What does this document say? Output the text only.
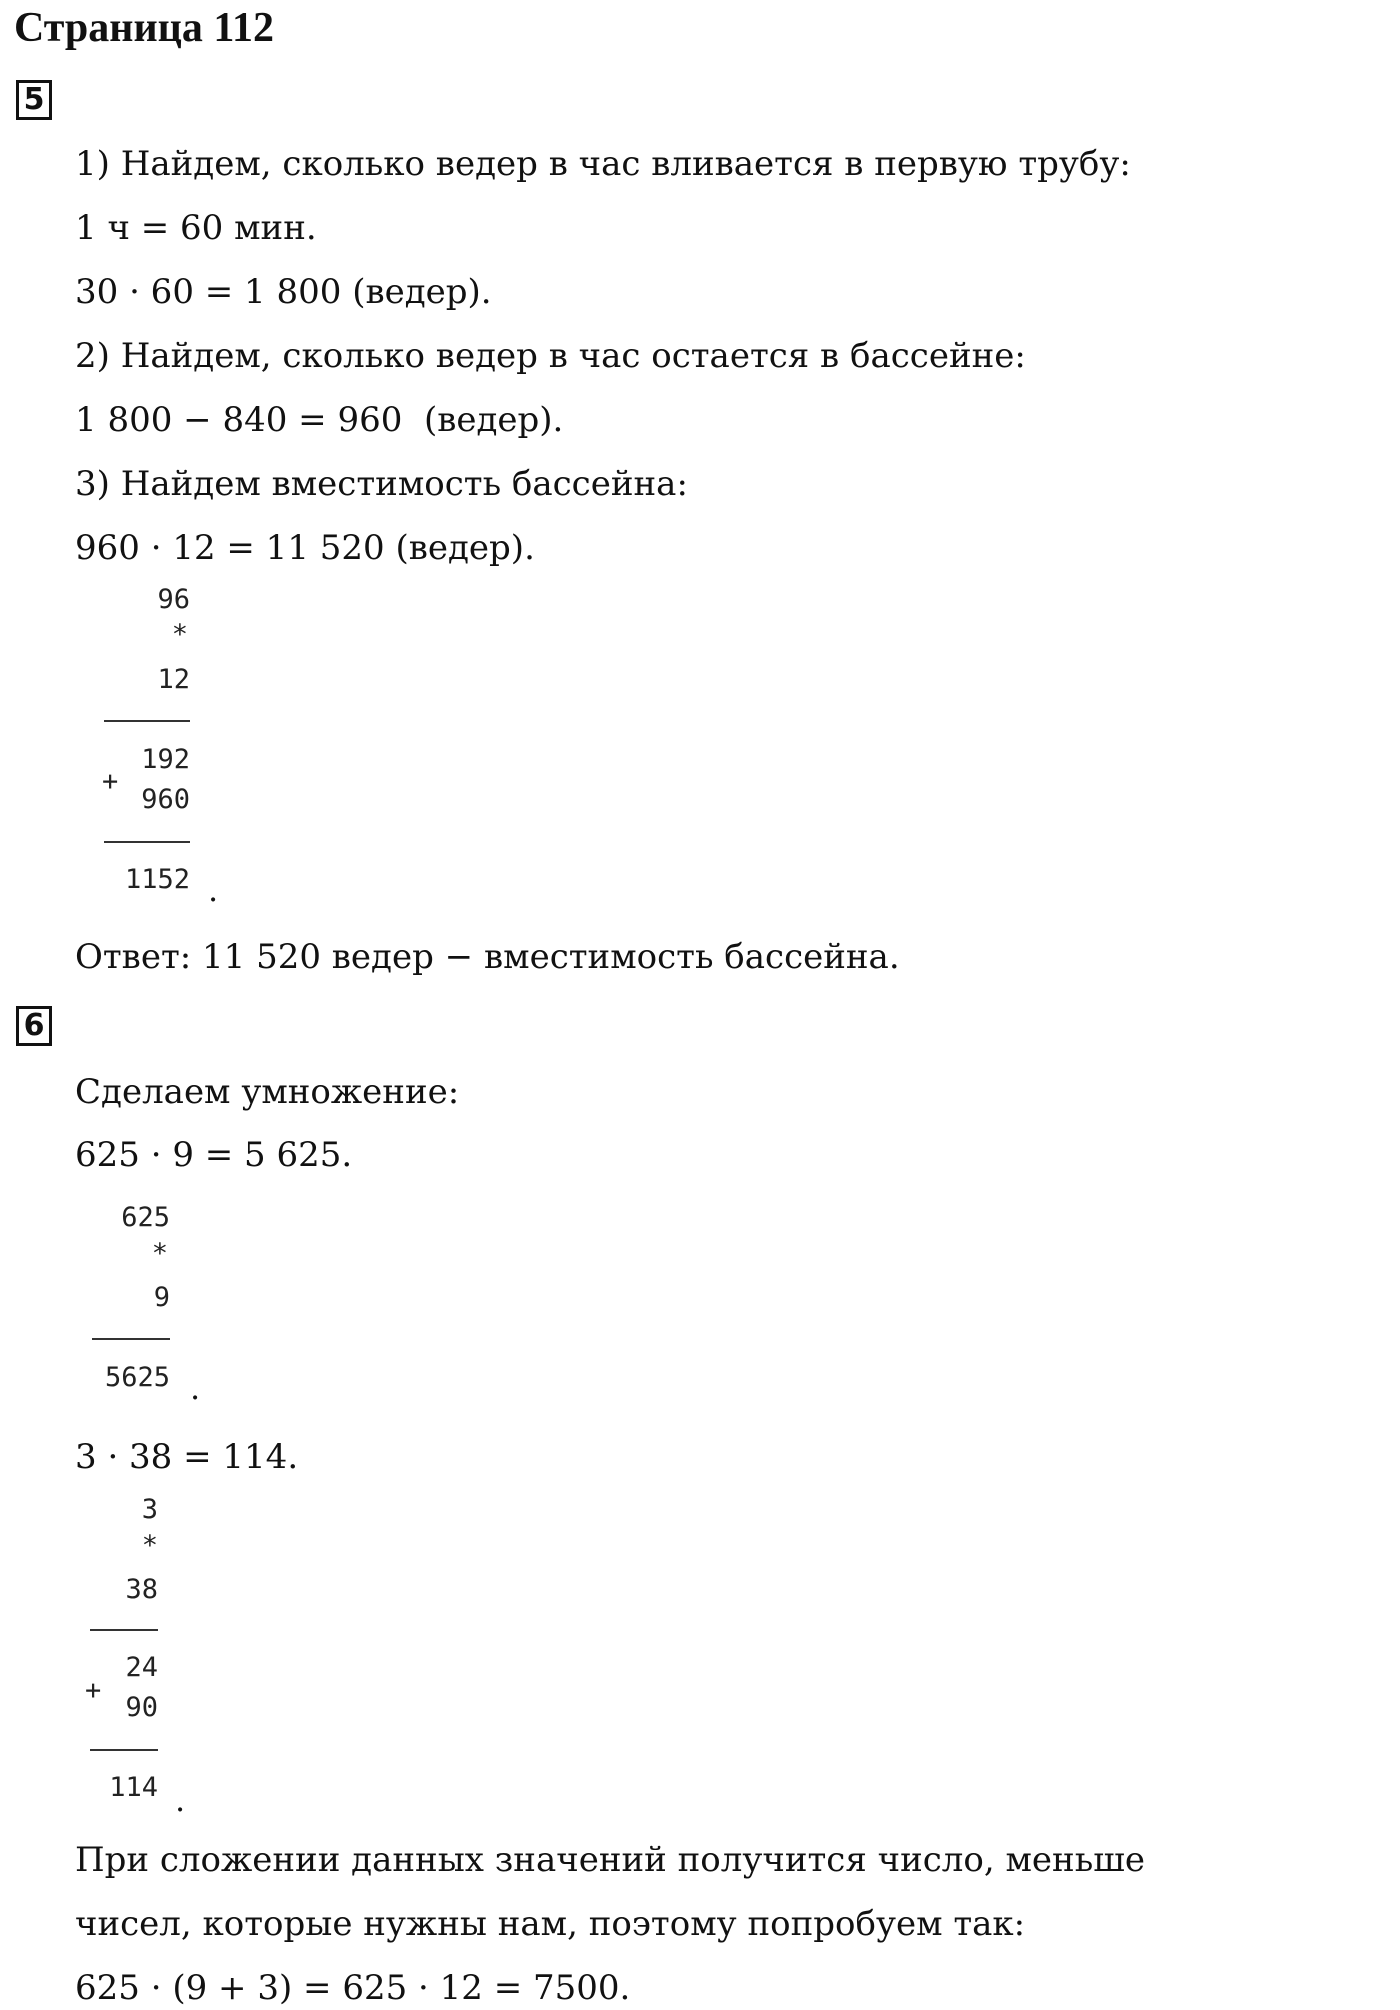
Страница 112
5
1) Найдем, сколько ведер в час вливается в первую трубу:
1 ч = 60 мин.
30 · 60 = 1 800 (ведер).
2) Найдем, сколько ведер в час остается в бассейне:
1 800 − 840 = 960  (ведер).
3) Найдем вместимость бассейна:
960 · 12 = 11 520 (ведер).
96
*
12
192
+
960
1152 .
Ответ: 11 520 ведер − вместимость бассейна.
6
Сделаем умножение:
625 · 9 = 5 625.
625
*
9
5625 .
3 · 38 = 114.
3
*
38
24
+
90
114 .
При сложении данных значений получится число, меньше
чисел, которые нужны нам, поэтому попробуем так:
625 · (9 + 3) = 625 · 12 = 7500.
